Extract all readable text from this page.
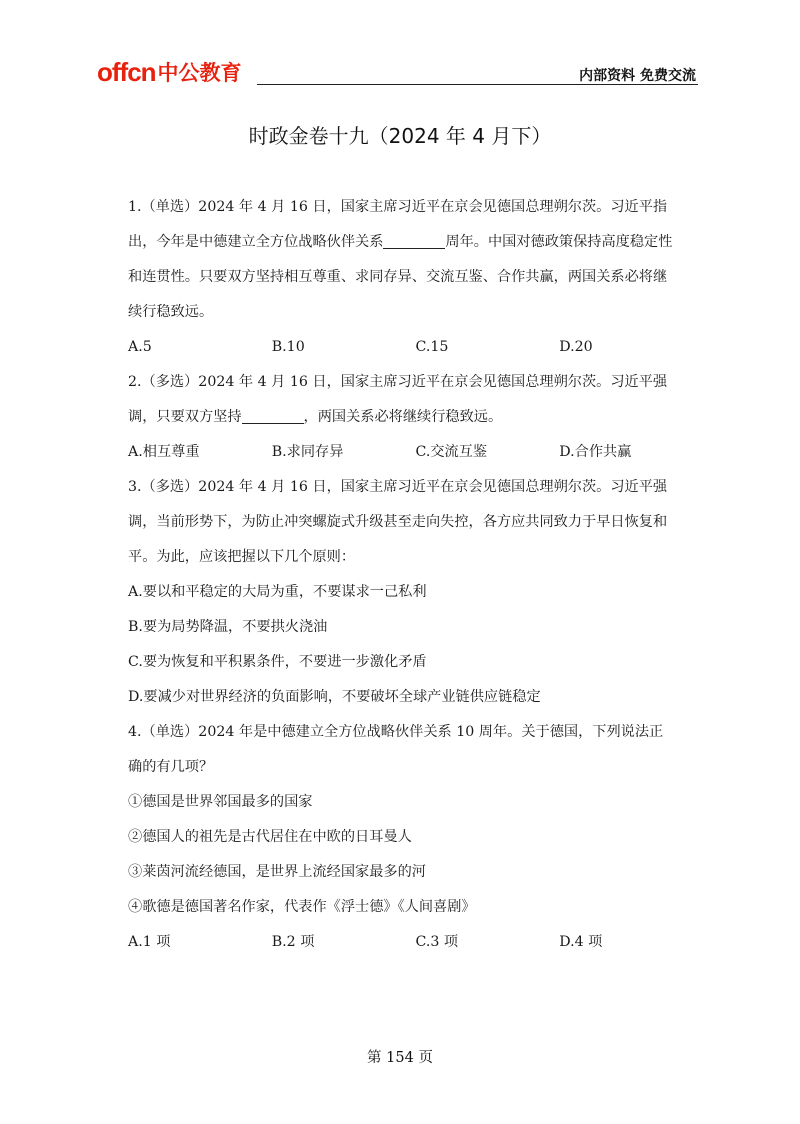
offcn 中公教育	内部资料 免费交流
时政金卷十九（2024 年 4 月下）

1.（单选）2024 年 4 月 16 日，国家主席习近平在京会见德国总理朔尔茨。习近平指

出，今年是中德建立全方位战略伙伴关系	周年。中国对德政策保持高度稳定性

和连贯性。只要双方坚持相互尊重、求同存异、交流互鉴、合作共赢，两国关系必将继

续行稳致远。

A.5	B.10	C.15	D.20

2.（多选）2024 年 4 月 16 日，国家主席习近平在京会见德国总理朔尔茨。习近平强

调，只要双方坚持	，两国关系必将继续行稳致远。

A.相互尊重	B.求同存异	C.交流互鉴	D.合作共赢

3.（多选）2024 年 4 月 16 日，国家主席习近平在京会见德国总理朔尔茨。习近平强

调，当前形势下，为防止冲突螺旋式升级甚至走向失控，各方应共同致力于早日恢复和

平。为此，应该把握以下几个原则：

A.要以和平稳定的大局为重，不要谋求一己私利

B.要为局势降温，不要拱火浇油

C.要为恢复和平积累条件，不要进一步激化矛盾

D.要减少对世界经济的负面影响，不要破坏全球产业链供应链稳定

4.（单选）2024 年是中德建立全方位战略伙伴关系 10 周年。关于德国，下列说法正

确的有几项？

①德国是世界邻国最多的国家

②德国人的祖先是古代居住在中欧的日耳曼人

③莱茵河流经德国，是世界上流经国家最多的河

④歌德是德国著名作家，代表作《浮士德》《人间喜剧》

A.1 项	B.2 项	C.3 项	D.4 项
第 154 页
